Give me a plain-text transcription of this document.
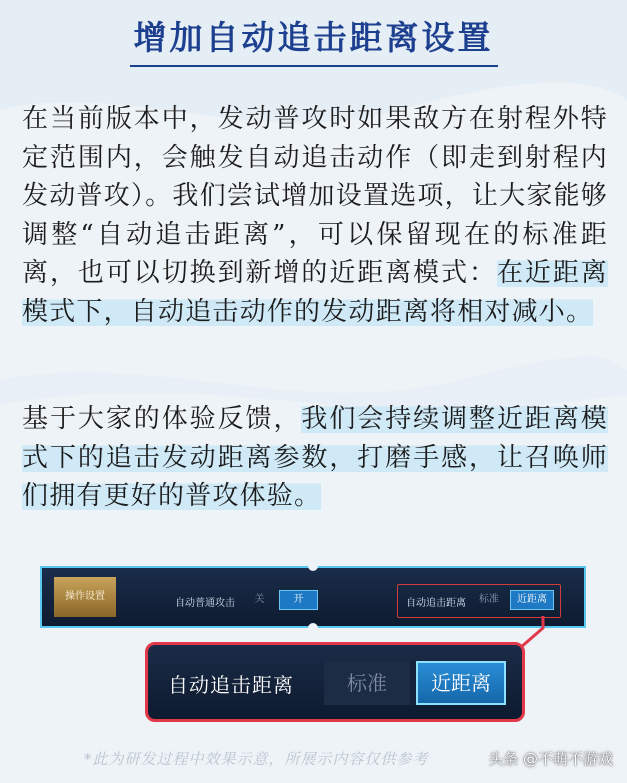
增加自动追击距离设置

在当前版本中，发动普攻时如果敌方在射程外特定范围内，会触发自动追击动作（即走到射程内发动普攻）。我们尝试增加设置选项，让大家能够调整“自动追击距离”，可以保留现在的标准距离，也可以切换到新增的近距离模式：在近距离模式下，自动追击动作的发动距离将相对减小。

基于大家的体验反馈，我们会持续调整近距离模式下的追击发动距离参数，打磨手感，让召唤师们拥有更好的普攻体验。

操作设置
自动普通攻击	关	开	自动追击距离	标准	近距离
自动追击距离	标准	近距离
*此为研发过程中效果示意，所展示内容仅供参考	头条 @不萌不游戏
